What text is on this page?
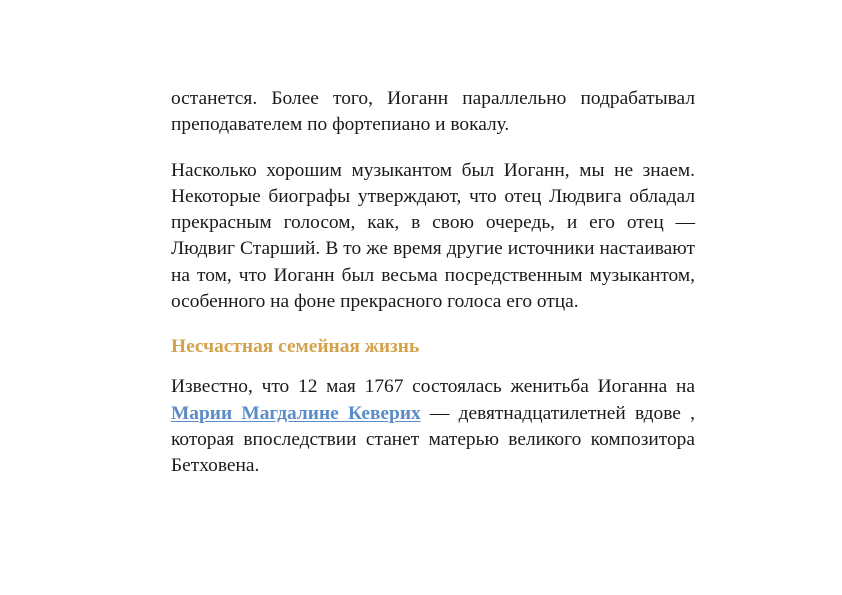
останется. Более того, Иоганн параллельно подрабатывал преподавателем по фортепиано и вокалу.

Насколько хорошим музыкантом был Иоганн, мы не знаем. Некоторые биографы утверждают, что отец Людвига обладал прекрасным голосом, как, в свою очередь, и его отец — Людвиг Старший. В то же время другие источники настаивают на том, что Иоганн был весьма посредственным музыкантом, особенного на фоне прекрасного голоса его отца.

Несчастная семейная жизнь

Известно, что 12 мая 1767 состоялась женитьба Иоганна на Марии Магдалине Кеверих — девятнадцатилетней вдове , которая впоследствии станет матерью великого композитора Бетховена.
